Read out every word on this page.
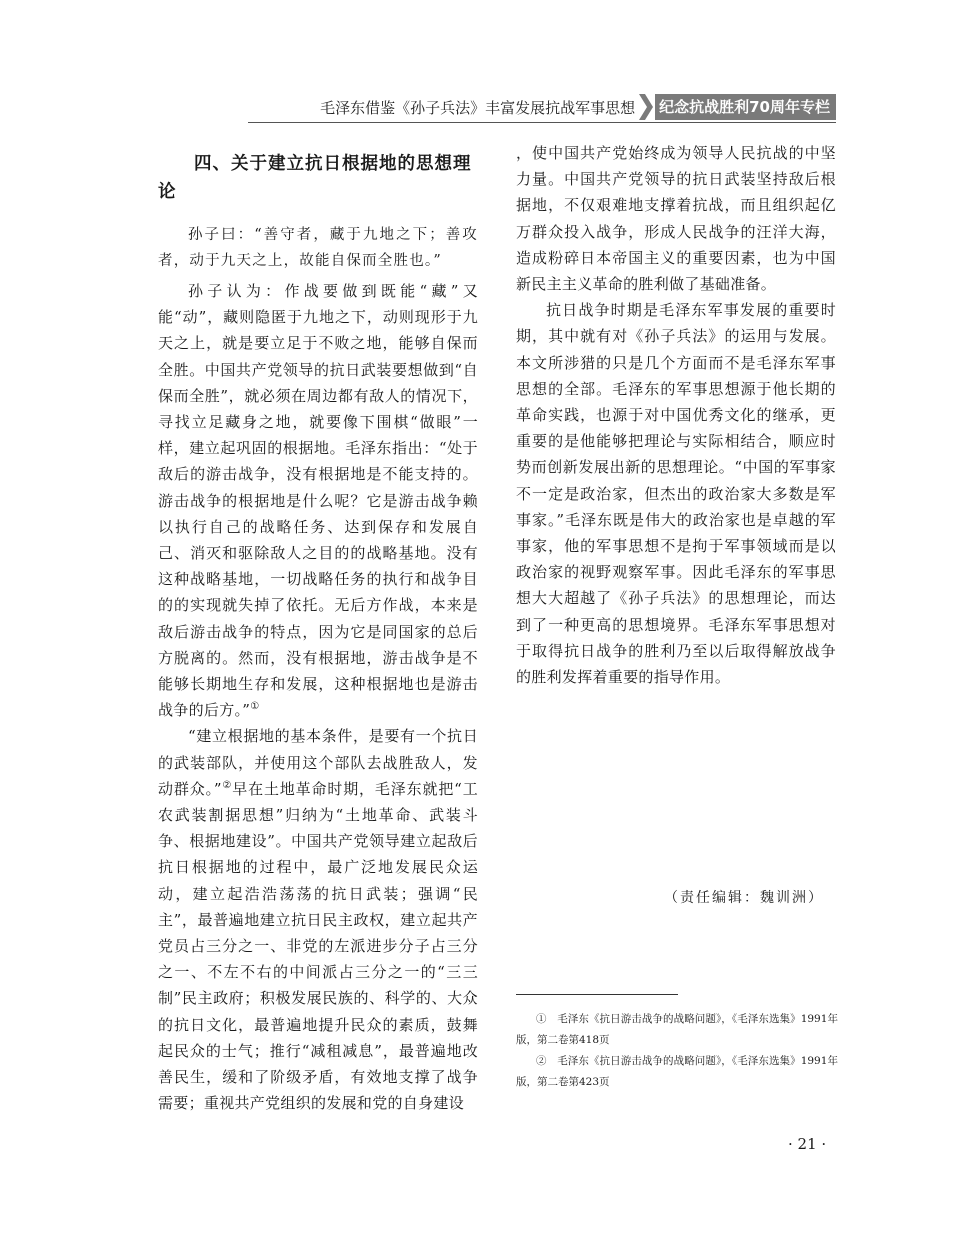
毛泽东借鉴《孙子兵法》丰富发展抗战军事思想 纪念抗战胜利70周年专栏
四、关于建立抗日根据地的思想理论

孙子曰：“善守者，藏于九地之下；善攻者，动于九天之上，故能自保而全胜也。”

孙子认为：作战要做到既能“藏”又能“动”，藏则隐匿于九地之下，动则现形于九天之上，就是要立足于不败之地，能够自保而全胜。中国共产党领导的抗日武装要想做到“自保而全胜”，就必须在周边都有敌人的情况下，寻找立足藏身之地，就要像下围棋“做眼”一样，建立起巩固的根据地。毛泽东指出：“处于敌后的游击战争，没有根据地是不能支持的。游击战争的根据地是什么呢？它是游击战争赖以执行自己的战略任务、达到保存和发展自己、消灭和驱除敌人之目的的战略基地。没有这种战略基地，一切战略任务的执行和战争目的的实现就失掉了依托。无后方作战，本来是敌后游击战争的特点，因为它是同国家的总后方脱离的。然而，没有根据地，游击战争是不能够长期地生存和发展，这种根据地也是游击战争的后方。”①

“建立根据地的基本条件，是要有一个抗日的武装部队，并使用这个部队去战胜敌人，发动群众。”②早在土地革命时期，毛泽东就把“工农武装割据思想”归纳为“土地革命、武装斗争、根据地建设”。中国共产党领导建立起敌后抗日根据地的过程中，最广泛地发展民众运动，建立起浩浩荡荡的抗日武装；强调“民主”，最普遍地建立抗日民主政权，建立起共产党员占三分之一、非党的左派进步分子占三分之一、不左不右的中间派占三分之一的“三三制”民主政府；积极发展民族的、科学的、大众的抗日文化，最普遍地提升民众的素质，鼓舞起民众的士气；推行“减租减息”，最普遍地改善民生，缓和了阶级矛盾，有效地支撑了战争需要；重视共产党组织的发展和党的自身建设

，使中国共产党始终成为领导人民抗战的中坚力量。中国共产党领导的抗日武装坚持敌后根据地，不仅艰难地支撑着抗战，而且组织起亿万群众投入战争，形成人民战争的汪洋大海，造成粉碎日本帝国主义的重要因素，也为中国新民主主义革命的胜利做了基础准备。

抗日战争时期是毛泽东军事发展的重要时期，其中就有对《孙子兵法》的运用与发展。本文所涉猎的只是几个方面而不是毛泽东军事思想的全部。毛泽东的军事思想源于他长期的革命实践，也源于对中国优秀文化的继承，更重要的是他能够把理论与实际相结合，顺应时势而创新发展出新的思想理论。“中国的军事家不一定是政治家，但杰出的政治家大多数是军事家。”毛泽东既是伟大的政治家也是卓越的军事家，他的军事思想不是拘于军事领域而是以政治家的视野观察军事。因此毛泽东的军事思想大大超越了《孙子兵法》的思想理论，而达到了一种更高的思想境界。毛泽东军事思想对于取得抗日战争的胜利乃至以后取得解放战争的胜利发挥着重要的指导作用。

（责任编辑：魏训洲）

①　 毛泽东《抗日游击战争的战略问题》，《毛泽东选集》1991年版，第二卷第418页

②　 毛泽东《抗日游击战争的战略问题》，《毛泽东选集》1991年版，第二卷第423页

· 21 ·
